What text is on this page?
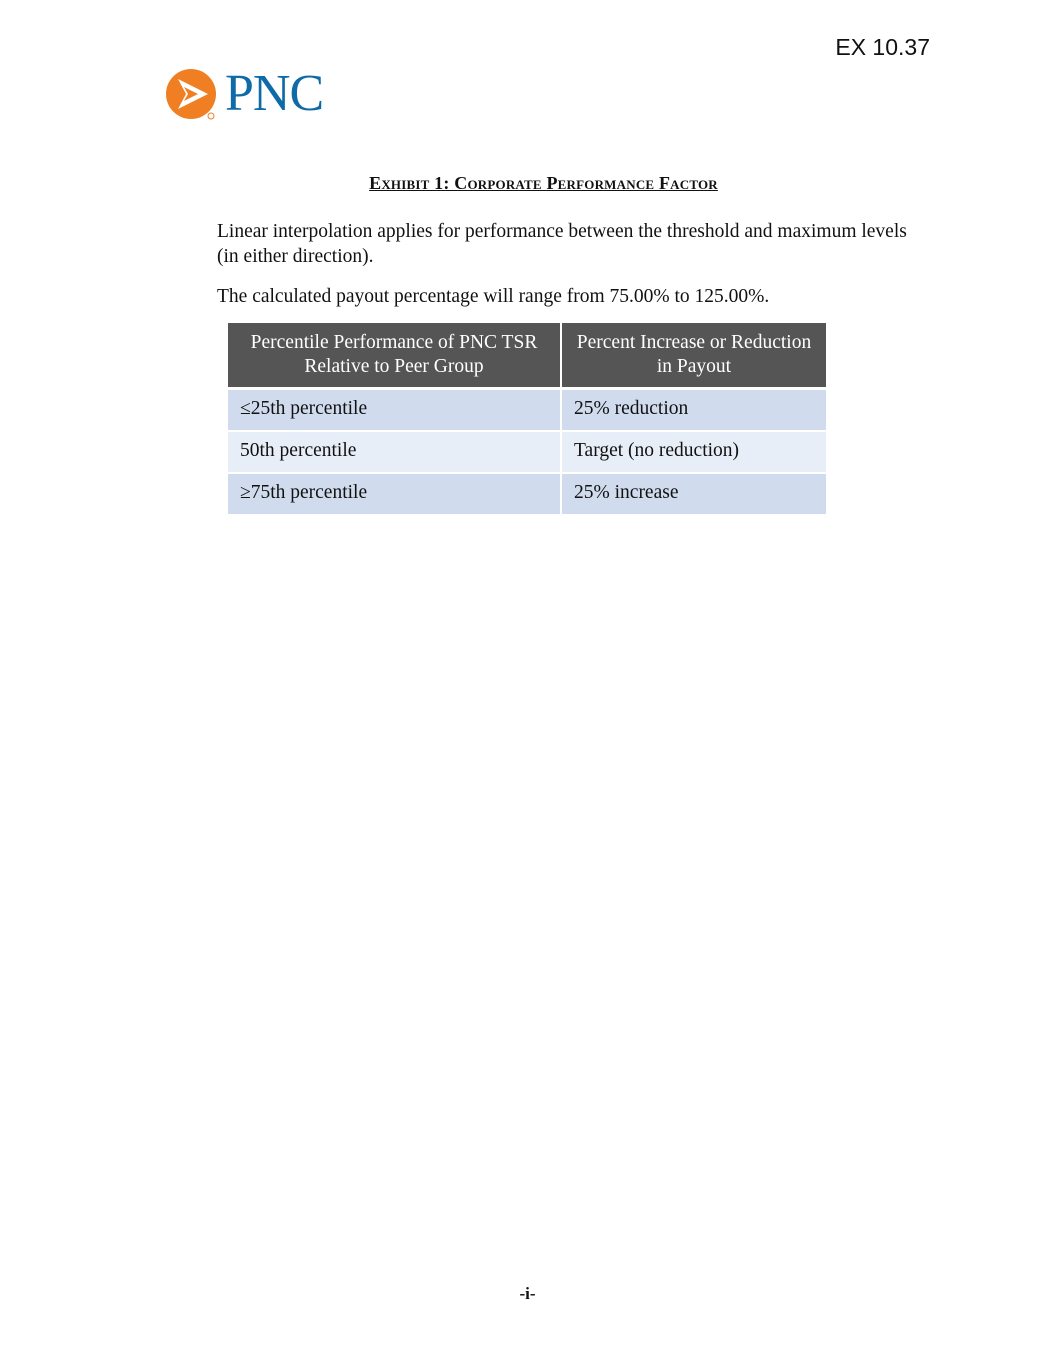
EX 10.37
PNC
Exhibit 1: Corporate Performance Factor
Linear interpolation applies for performance between the threshold and maximum levels (in either direction).
The calculated payout percentage will range from 75.00% to 125.00%.
Percentile Performance of PNC TSR Relative to Peer Group	Percent Increase or Reduction in Payout
≤25th percentile	25% reduction
50th percentile	Target (no reduction)
≥75th percentile	25% increase
-i-
